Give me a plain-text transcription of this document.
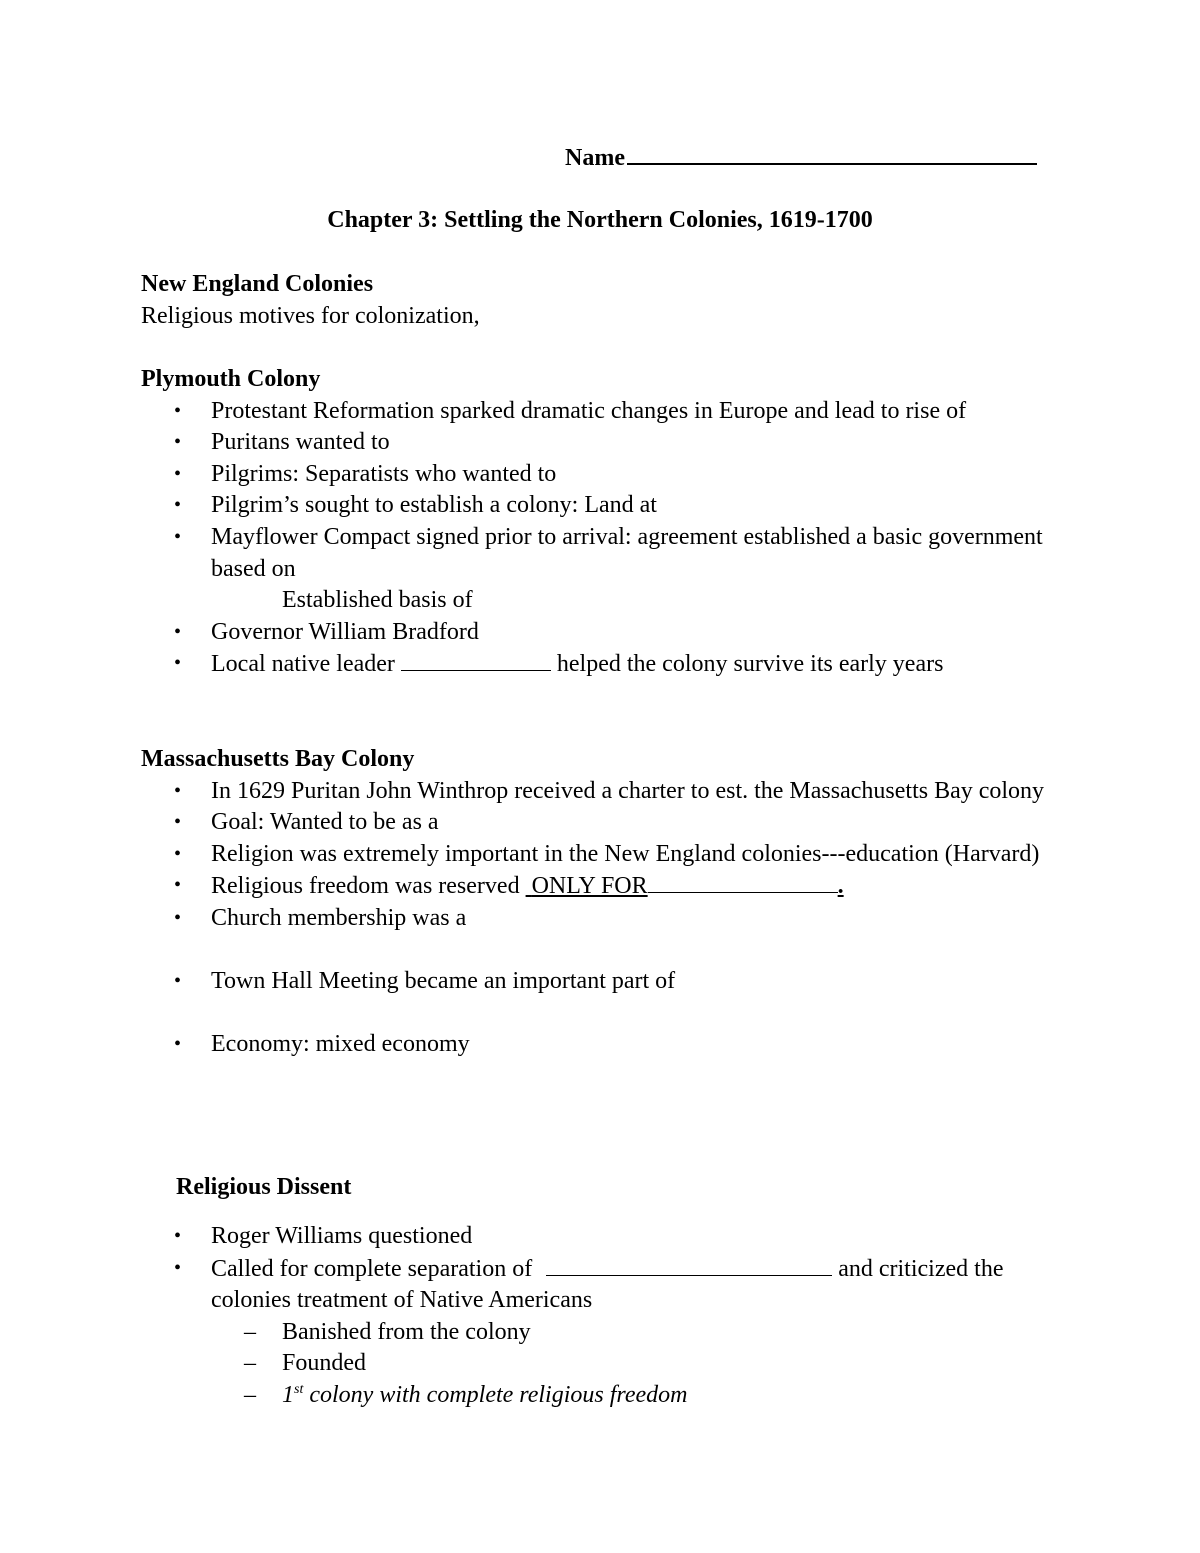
Name
Chapter 3: Settling the Northern Colonies, 1619-1700

New England Colonies

Religious motives for colonization,

Plymouth Colony

• Protestant Reformation sparked dramatic changes in Europe and lead to rise of
• Puritans wanted to
• Pilgrims: Separatists who wanted to
• Pilgrim’s sought to establish a colony: Land at
• Mayflower Compact signed prior to arrival: agreement established a basic government based on
Established basis of
• Governor William Bradford
• Local native leader	helped the colony survive its early years

Massachusetts Bay Colony

• In 1629 Puritan John Winthrop received a charter to est. the Massachusetts Bay colony
• Goal: Wanted to be as a
• Religion was extremely important in the New England colonies---education (Harvard)
• Religious freedom was reserved ONLY FOR	.
• Church membership was a
• Town Hall Meeting became an important part of
• Economy: mixed economy

Religious Dissent

• Roger Williams questioned
• Called for complete separation of	and criticized the colonies treatment of Native Americans
– Banished from the colony
– Founded
– 1st colony with complete religious freedom
